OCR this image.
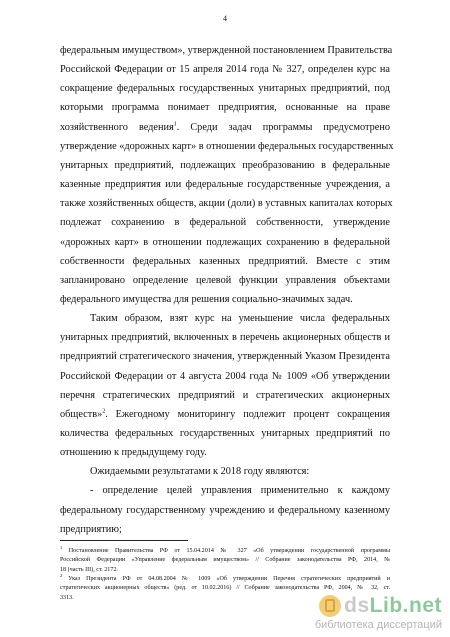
4
федеральным имуществом», утвержденной постановлением Правительства
Российской Федерации от 15 апреля 2014 года № 327, определен курс на
сокращение федеральных государственных унитарных предприятий, под
которыми программа понимает предприятия, основанные на праве
хозяйственного ведения$^1$. Среди задач программы предусмотрено
утверждение «дорожных карт» в отношении федеральных государственных
унитарных предприятий, подлежащих преобразованию в федеральные
казенные предприятия или федеральные государственные учреждения, а
также хозяйственных обществ, акции (доли) в уставных капиталах которых
подлежат сохранению в федеральной собственности, утверждение
«дорожных карт» в отношении подлежащих сохранению в федеральной
собственности федеральных казенных предприятий. Вместе с этим
запланировано определение целевой функции управления объектами
федерального имущества для решения социально-значимых задач.
Таким образом, взят курс на уменьшение числа федеральных
унитарных предприятий, включенных в перечень акционерных обществ и
предприятий стратегического значения, утвержденный Указом Президента
Российской Федерации от 4 августа 2004 года № 1009 «Об утверждении
перечня стратегических предприятий и стратегических акционерных
обществ»$^2$. Ежегодному мониторингу подлежит процент сокращения
количества федеральных государственных унитарных предприятий по
отношению к предыдущему году.
Ожидаемыми результатами к 2018 году являются:
- определение целей управления применительно к каждому
федеральному государственному учреждению и федеральному казенному
предприятию;
$^1$ Постановление Правительства РФ от 15.04.2014 № 327 «Об утверждении государственной программы
Российской Федерации «Управление федеральным имуществом» // Собрание законодательства РФ, 2014, №
18 (часть III), ст. 2172.
$^2$ Указ Президента РФ от 04.08.2004 № 1009 «Об утверждении Перечня стратегических предприятий и
стратегических акционерных обществ» (ред. от 10.02.2016) // Собрание законодательства РФ, 2004, № 32, ст.
3313.	dsLib.net
библиотека диссертаций
